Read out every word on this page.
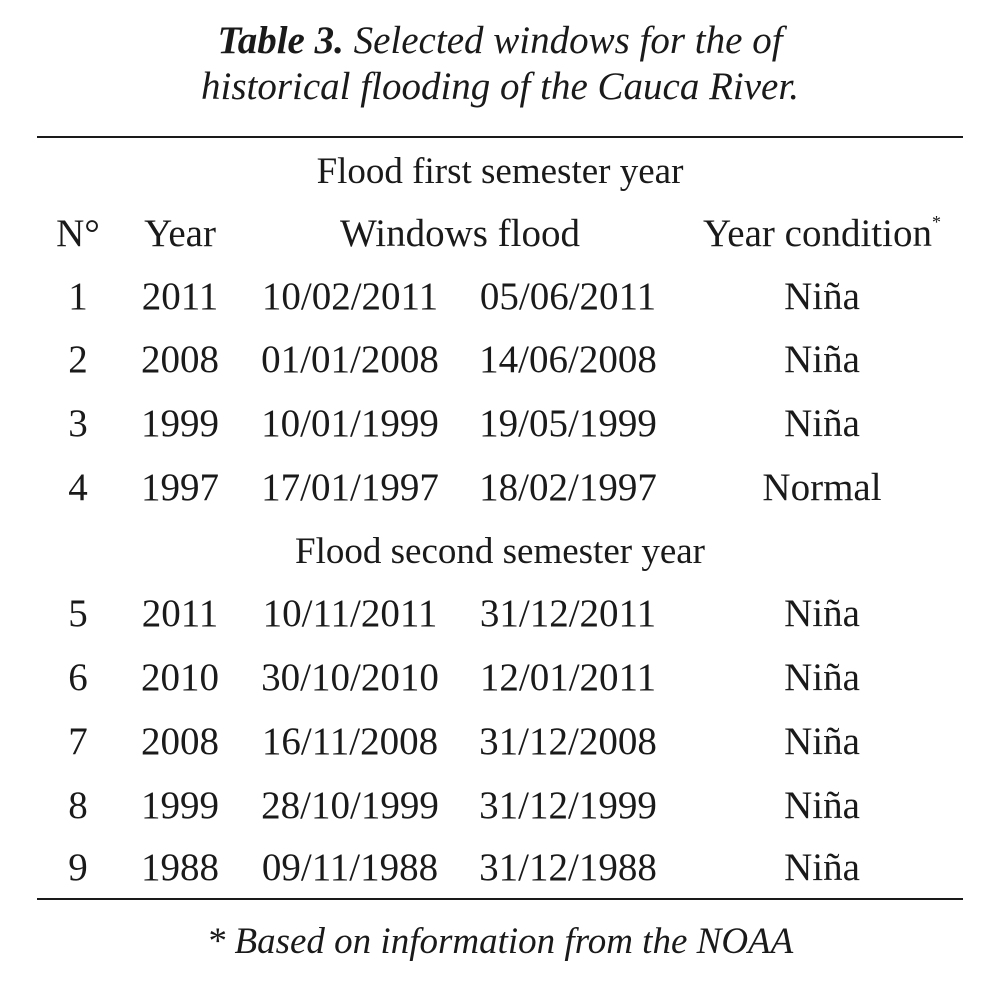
Table 3. Selected windows for the of
historical flooding of the Cauca River.
Flood first semester year
N°	Year	Windows flood	Year condition*
1	2011	10/02/2011	05/06/2011	Niña
2	2008	01/01/2008	14/06/2008	Niña
3	1999	10/01/1999	19/05/1999	Niña
4	1997	17/01/1997	18/02/1997	Normal
Flood second semester year
5	2011	10/11/2011	31/12/2011	Niña
6	2010	30/10/2010	12/01/2011	Niña
7	2008	16/11/2008	31/12/2008	Niña
8	1999	28/10/1999	31/12/1999	Niña
9	1988	09/11/1988	31/12/1988	Niña
* Based on information from the NOAA
